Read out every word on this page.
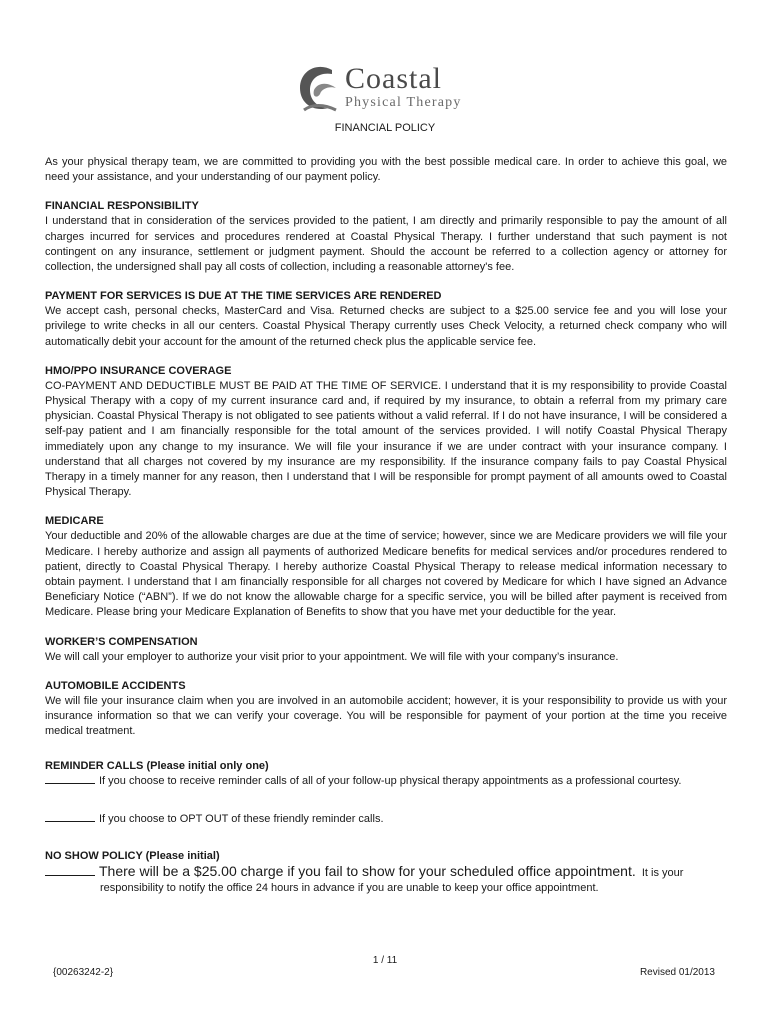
Coastal
Physical Therapy
FINANCIAL POLICY

As your physical therapy team, we are committed to providing you with the best possible medical care. In order to achieve this goal, we need your assistance, and your understanding of our payment policy.

FINANCIAL RESPONSIBILITY

I understand that in consideration of the services provided to the patient, I am directly and primarily responsible to pay the amount of all charges incurred for services and procedures rendered at Coastal Physical Therapy. I further understand that such payment is not contingent on any insurance, settlement or judgment payment. Should the account be referred to a collection agency or attorney for collection, the undersigned shall pay all costs of collection, including a reasonable attorney's fee.

PAYMENT FOR SERVICES IS DUE AT THE TIME SERVICES ARE RENDERED

We accept cash, personal checks, MasterCard and Visa. Returned checks are subject to a $25.00 service fee and you will lose your privilege to write checks in all our centers. Coastal Physical Therapy currently uses Check Velocity, a returned check company who will automatically debit your account for the amount of the returned check plus the applicable service fee.

HMO/PPO INSURANCE COVERAGE

CO-PAYMENT AND DEDUCTIBLE MUST BE PAID AT THE TIME OF SERVICE. I understand that it is my responsibility to provide Coastal Physical Therapy with a copy of my current insurance card and, if required by my insurance, to obtain a referral from my primary care physician. Coastal Physical Therapy is not obligated to see patients without a valid referral. If I do not have insurance, I will be considered a self-pay patient and I am financially responsible for the total amount of the services provided. I will notify Coastal Physical Therapy immediately upon any change to my insurance. We will file your insurance if we are under contract with your insurance company. I understand that all charges not covered by my insurance are my responsibility. If the insurance company fails to pay Coastal Physical Therapy in a timely manner for any reason, then I understand that I will be responsible for prompt payment of all amounts owed to Coastal Physical Therapy.

MEDICARE

Your deductible and 20% of the allowable charges are due at the time of service; however, since we are Medicare providers we will file your Medicare. I hereby authorize and assign all payments of authorized Medicare benefits for medical services and/or procedures rendered to patient, directly to Coastal Physical Therapy. I hereby authorize Coastal Physical Therapy to release medical information necessary to obtain payment. I understand that I am financially responsible for all charges not covered by Medicare for which I have signed an Advance Beneficiary Notice (“ABN”). If we do not know the allowable charge for a specific service, you will be billed after payment is received from Medicare. Please bring your Medicare Explanation of Benefits to show that you have met your deductible for the year.

WORKER’S COMPENSATION

We will call your employer to authorize your visit prior to your appointment. We will file with your company’s insurance.

AUTOMOBILE ACCIDENTS

We will file your insurance claim when you are involved in an automobile accident; however, it is your responsibility to provide us with your insurance information so that we can verify your coverage. You will be responsible for payment of your portion at the time you receive medical treatment.

REMINDER CALLS (Please initial only one)

If you choose to receive reminder calls of all of your follow-up physical therapy appointments as a professional courtesy.

If you choose to OPT OUT of these friendly reminder calls.

NO SHOW POLICY (Please initial)

There will be a $25.00 charge if you fail to show for your scheduled office appointment. It is your

responsibility to notify the office 24 hours in advance if you are unable to keep your office appointment.

1 / 11
{00263242-2}	Revised 01/2013
